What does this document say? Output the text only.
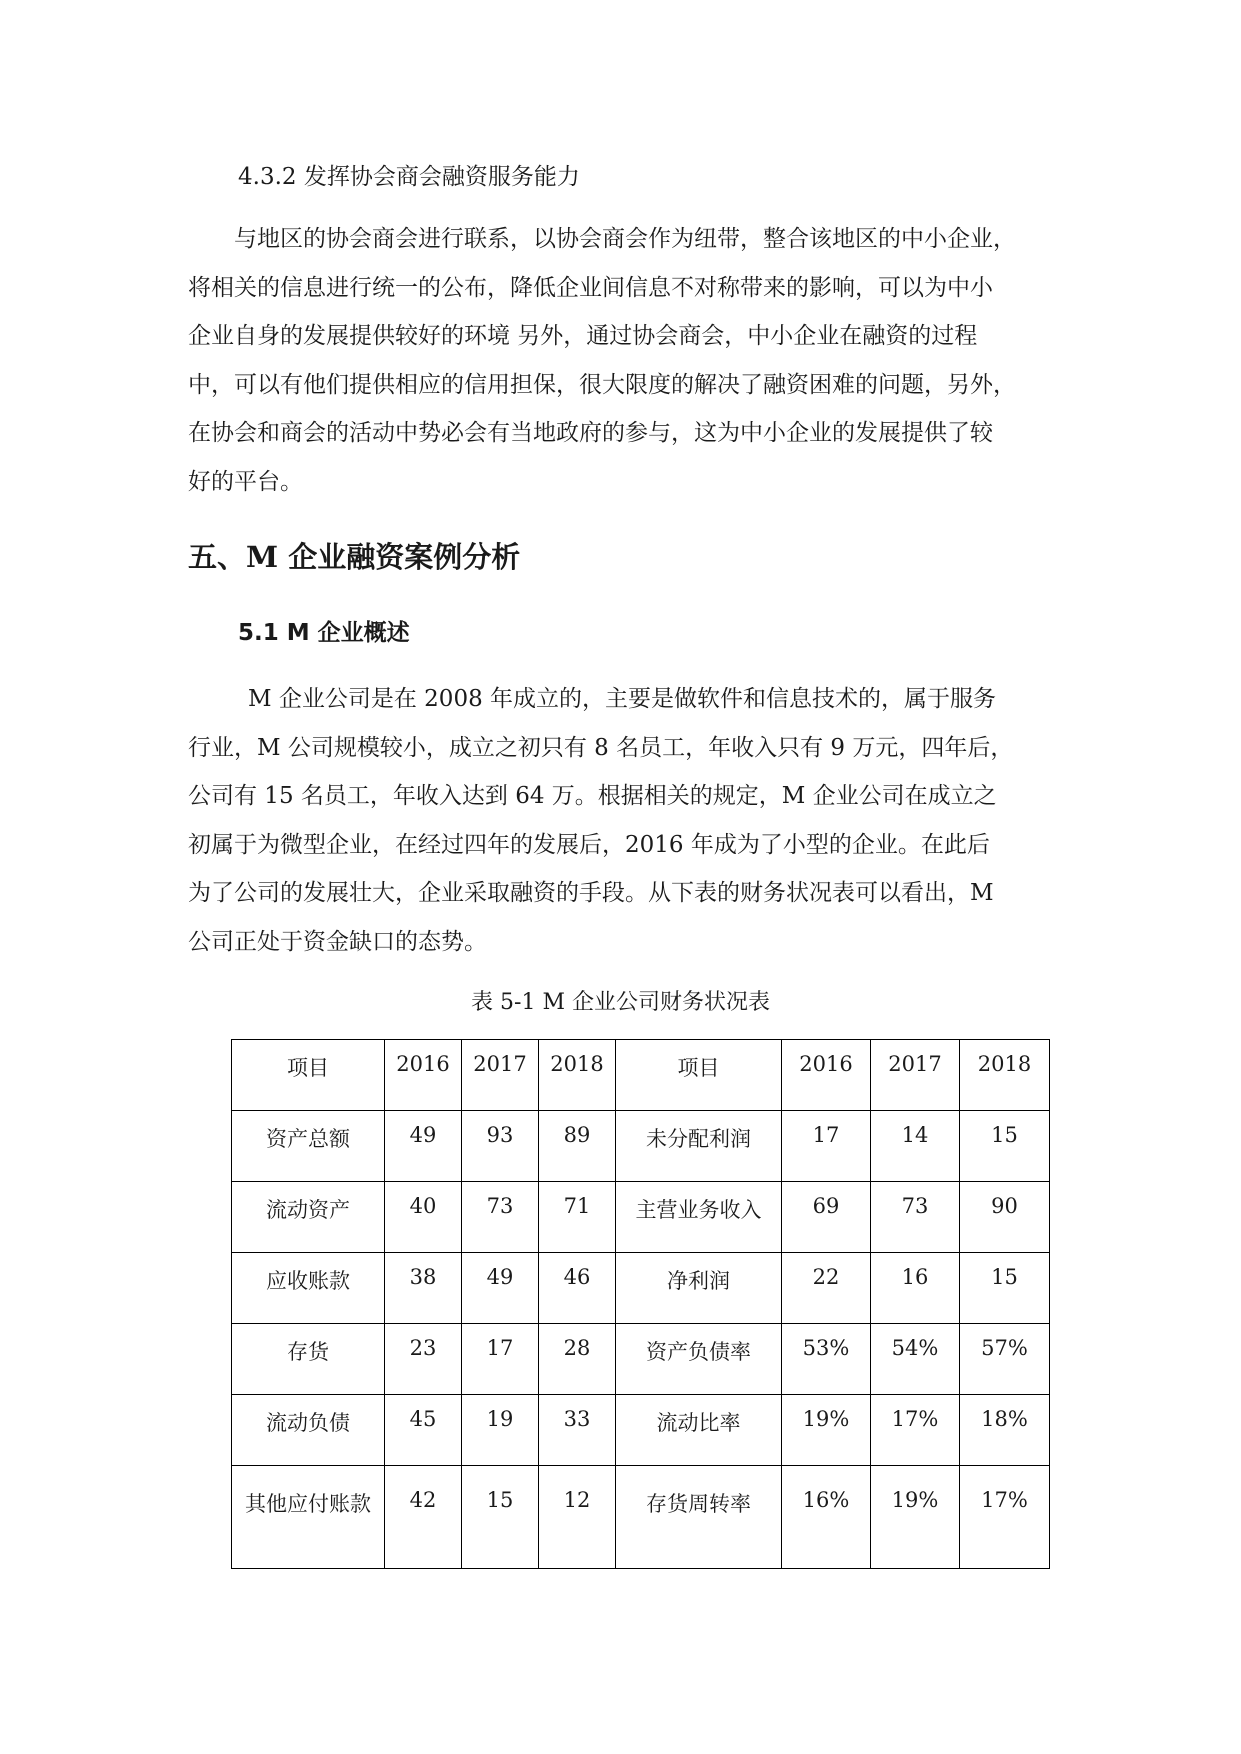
4.3.2 发挥协会商会融资服务能力
与地区的协会商会进行联系，以协会商会作为纽带，整合该地区的中小企业，
将相关的信息进行统一的公布，降低企业间信息不对称带来的影响，可以为中小
企业自身的发展提供较好的环境 另外，通过协会商会，中小企业在融资的过程
中，可以有他们提供相应的信用担保，很大限度的解决了融资困难的问题，另外，
在协会和商会的活动中势必会有当地政府的参与，这为中小企业的发展提供了较
好的平台。
五、M 企业融资案例分析
5.1 M 企业概述
M 企业公司是在 2008 年成立的，主要是做软件和信息技术的，属于服务
行业，M 公司规模较小，成立之初只有 8 名员工，年收入只有 9 万元，四年后，
公司有 15 名员工，年收入达到 64 万。根据相关的规定，M 企业公司在成立之
初属于为微型企业，在经过四年的发展后，2016 年成为了小型的企业。在此后
为了公司的发展壮大，企业采取融资的手段。从下表的财务状况表可以看出，M
公司正处于资金缺口的态势。
表 5-1 M 企业公司财务状况表
项目	2016	2017	2018	项目	2016	2017	2018
资产总额	49	93	89	未分配利润	17	14	15
流动资产	40	73	71	主营业务收入	69	73	90
应收账款	38	49	46	净利润	22	16	15
存货	23	17	28	资产负债率	53%	54%	57%
流动负债	45	19	33	流动比率	19%	17%	18%
其他应付账款	42	15	12	存货周转率	16%	19%	17%
